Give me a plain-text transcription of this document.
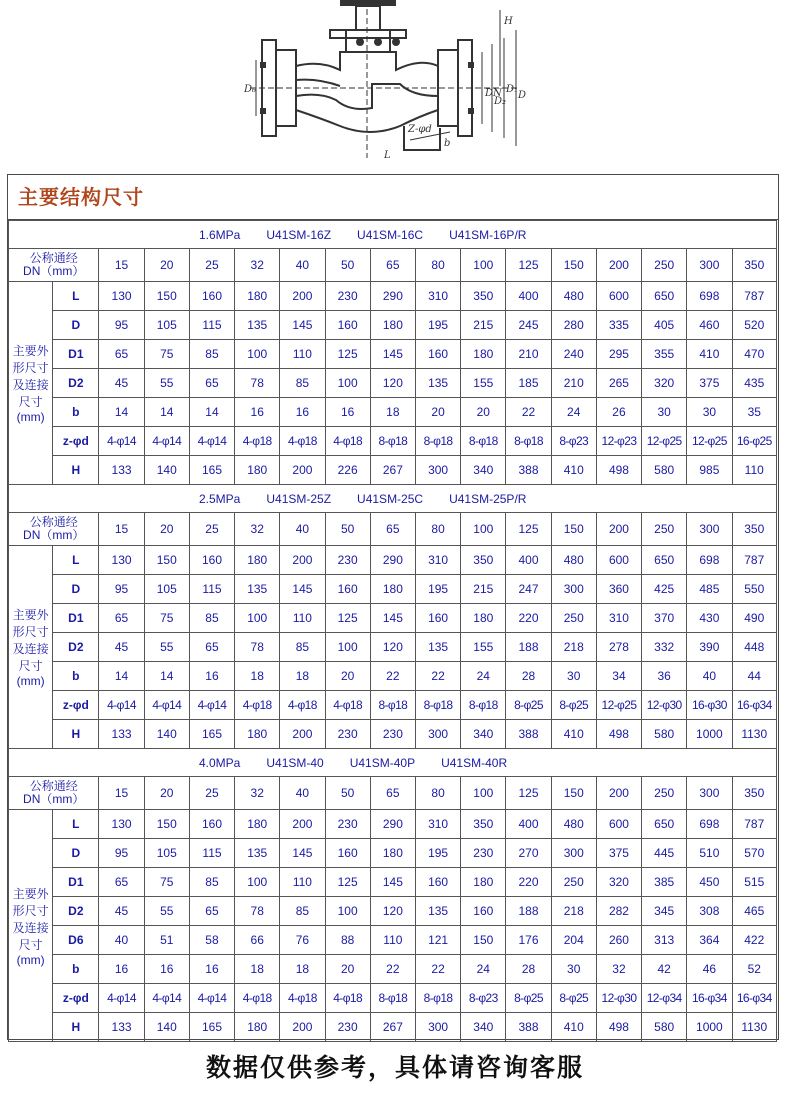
H
DN
D₂
D₁
D
D₆
Z-φd
b
L
主要结构尺寸
1.6MPa U41SM-16Z U41SM-16C U41SM-16P/R																

公称通经
DN（mm）		15	20	25	32	40	50	65	80	100	125	150	200	250	300	350

主要外
形尺寸
及连接
尺寸
(mm)	L	130	150	160	180	200	230	290	310	350	400	480	600	650	698	787
	D	95	105	115	135	145	160	180	195	215	245	280	335	405	460	520
	D1	65	75	85	100	110	125	145	160	180	210	240	295	355	410	470
	D2	45	55	65	78	85	100	120	135	155	185	210	265	320	375	435
	b	14	14	14	16	16	16	18	20	20	22	24	26	30	30	35
	z-φd	4-φ14	4-φ14	4-φ14	4-φ18	4-φ18	4-φ18	8-φ18	8-φ18	8-φ18	8-φ18	8-φ23	12-φ23	12-φ25	12-φ25	16-φ25
	H	133	140	165	180	200	226	267	300	340	388	410	498	580	985	110
2.5MPa U41SM-25Z U41SM-25C U41SM-25P/R																

公称通经
DN（mm）		15	20	25	32	40	50	65	80	100	125	150	200	250	300	350

主要外
形尺寸
及连接
尺寸
(mm)	L	130	150	160	180	200	230	290	310	350	400	480	600	650	698	787
	D	95	105	115	135	145	160	180	195	215	247	300	360	425	485	550
	D1	65	75	85	100	110	125	145	160	180	220	250	310	370	430	490
	D2	45	55	65	78	85	100	120	135	155	188	218	278	332	390	448
	b	14	14	16	18	18	20	22	22	24	28	30	34	36	40	44
	z-φd	4-φ14	4-φ14	4-φ14	4-φ18	4-φ18	4-φ18	8-φ18	8-φ18	8-φ18	8-φ25	8-φ25	12-φ25	12-φ30	16-φ30	16-φ34
	H	133	140	165	180	200	230	230	300	340	388	410	498	580	1000	1130
4.0MPa U41SM-40 U41SM-40P U41SM-40R																

公称通经
DN（mm）		15	20	25	32	40	50	65	80	100	125	150	200	250	300	350

主要外
形尺寸
及连接
尺寸
(mm)	L	130	150	160	180	200	230	290	310	350	400	480	600	650	698	787
	D	95	105	115	135	145	160	180	195	230	270	300	375	445	510	570
	D1	65	75	85	100	110	125	145	160	180	220	250	320	385	450	515
	D2	45	55	65	78	85	100	120	135	160	188	218	282	345	308	465
	D6	40	51	58	66	76	88	110	121	150	176	204	260	313	364	422
	b	16	16	16	18	18	20	22	22	24	28	30	32	42	46	52
	z-φd	4-φ14	4-φ14	4-φ14	4-φ18	4-φ18	4-φ18	8-φ18	8-φ18	8-φ23	8-φ25	8-φ25	12-φ30	12-φ34	16-φ34	16-φ34
	H	133	140	165	180	200	230	267	300	340	388	410	498	580	1000	1130
数据仅供参考，具体请咨询客服
